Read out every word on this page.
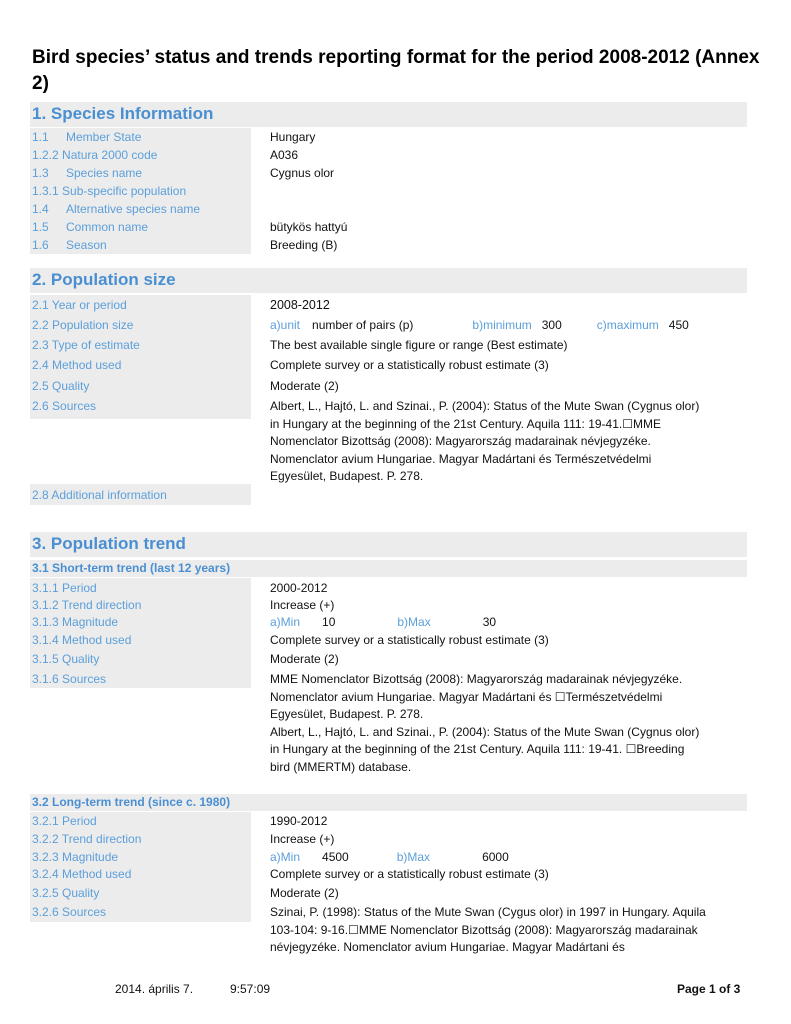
Bird species’ status and trends reporting format for the period 2008-2012 (Annex 2)
1. Species Information
1.1 Member State	Hungary
1.2.2 Natura 2000 code	A036
1.3 Species name	Cygnus olor
1.3.1 Sub-specific population
1.4 Alternative species name
1.5 Common name	bütykös hattyú
1.6 Season	Breeding (B)
2. Population size
2.1 Year or period	2008-2012
2.2 Population size	a)unit number of pairs (p)	b)minimum 300	c)maximum 450
2.3 Type of estimate	The best available single figure or range (Best estimate)
2.4 Method used	Complete survey or a statistically robust estimate (3)
2.5 Quality	Moderate (2)
2.6 Sources	Albert, L., Hajtó, L. and Szinai., P. (2004): Status of the Mute Swan (Cygnus olor)
in Hungary at the beginning of the 21st Century. Aquila 111: 19-41.☐MME
Nomenclator Bizottság (2008): Magyarország madarainak névjegyzéke.
Nomenclator avium Hungariae. Magyar Madártani és Természetvédelmi
Egyesület, Budapest. P. 278.
2.8 Additional information
3. Population trend
3.1 Short-term trend (last 12 years)
3.1.1 Period	2000-2012
3.1.2 Trend direction	Increase (+)
3.1.3 Magnitude	a)Min 10	b)Max	30
3.1.4 Method used	Complete survey or a statistically robust estimate (3)
3.1.5 Quality	Moderate (2)
3.1.6 Sources	MME Nomenclator Bizottság (2008): Magyarország madarainak névjegyzéke.
Nomenclator avium Hungariae. Magyar Madártani és ☐Természetvédelmi
Egyesület, Budapest. P. 278.
Albert, L., Hajtó, L. and Szinai., P. (2004): Status of the Mute Swan (Cygnus olor)
in Hungary at the beginning of the 21st Century. Aquila 111: 19-41. ☐Breeding
bird (MMERTM) database.
3.2 Long-term trend (since c. 1980)
3.2.1 Period	1990-2012
3.2.2 Trend direction	Increase (+)
3.2.3 Magnitude	a)Min 4500	b)Max	6000
3.2.4 Method used	Complete survey or a statistically robust estimate (3)
3.2.5 Quality	Moderate (2)
3.2.6 Sources	Szinai, P. (1998): Status of the Mute Swan (Cygus olor) in 1997 in Hungary. Aquila
103-104: 9-16.☐MME Nomenclator Bizottság (2008): Magyarország madarainak
névjegyzéke. Nomenclator avium Hungariae. Magyar Madártani és
2014. április 7.	9:57:09	Page 1 of 3
